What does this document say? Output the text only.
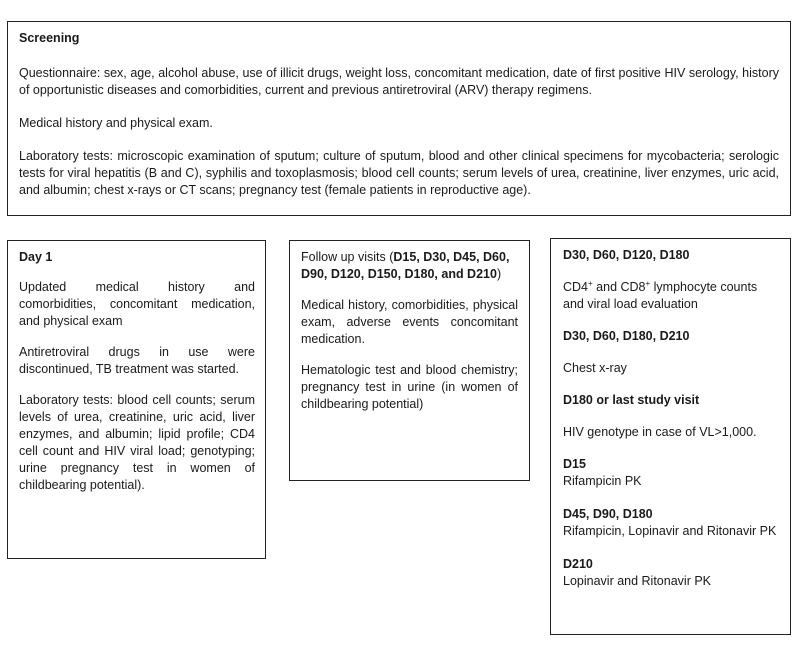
Screening

Questionnaire: sex, age, alcohol abuse, use of illicit drugs, weight loss, concomitant medication, date of first positive HIV serology, history of opportunistic diseases and comorbidities, current and previous antiretroviral (ARV) therapy regimens.

Medical history and physical exam.

Laboratory tests: microscopic examination of sputum; culture of sputum, blood and other clinical specimens for mycobacteria; serologic tests for viral hepatitis (B and C), syphilis and toxoplasmosis; blood cell counts; serum levels of urea, creatinine, liver enzymes, uric acid, and albumin; chest x-rays or CT scans; pregnancy test (female patients in reproductive age).

Day 1

Updated medical history and comorbidities, concomitant medication, and physical exam

Antiretroviral drugs in use were discontinued, TB treatment was started.

Laboratory tests: blood cell counts; serum levels of urea, creatinine, uric acid, liver enzymes, and albumin; lipid profile; CD4 cell count and HIV viral load; genotyping; urine pregnancy test in women of childbearing potential).

Follow up visits (D15, D30, D45, D60, D90, D120, D150, D180, and D210)

Medical history, comorbidities, physical exam, adverse events concomitant medication.

Hematologic test and blood chemistry; pregnancy test in urine (in women of childbearing potential)

D30, D60, D120, D180

CD4+ and CD8+ lymphocyte counts and viral load evaluation

D30, D60, D180, D210

Chest x-ray

D180 or last study visit

HIV genotype in case of VL>1,000.

D15
Rifampicin PK

D45, D90, D180
Rifampicin, Lopinavir and Ritonavir PK

D210
Lopinavir and Ritonavir PK
